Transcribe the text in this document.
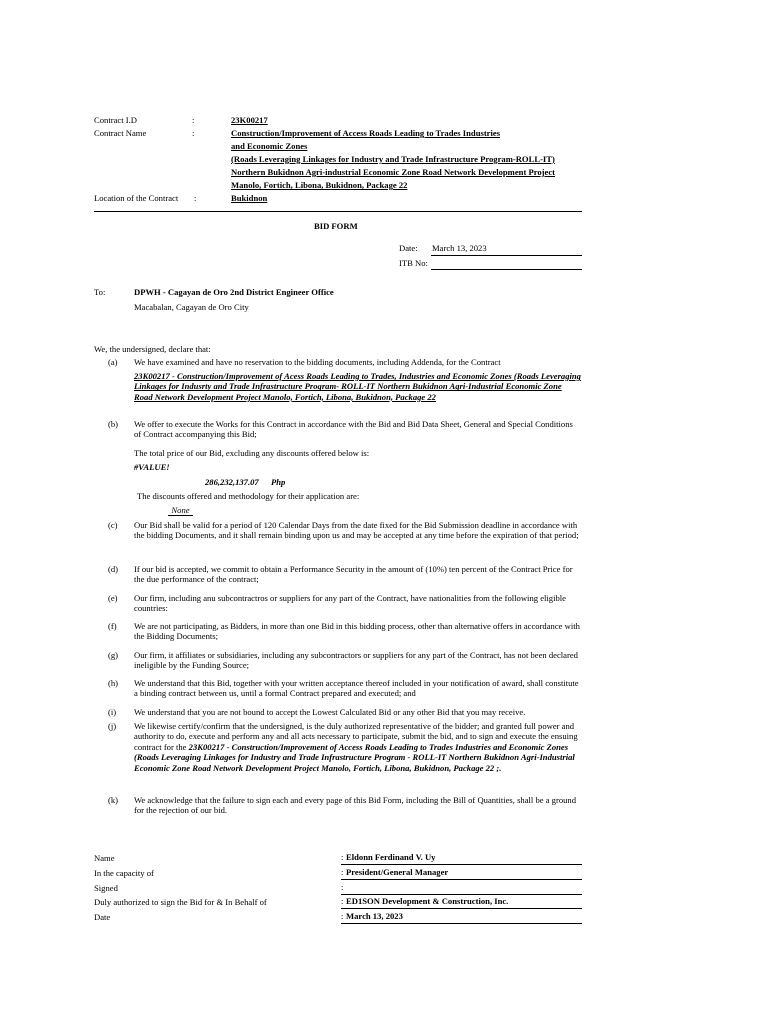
Contract I.D	:	23K00217
Contract Name	:	Construction/Improvement of Access Roads Leading to Trades Industries
and Economic Zones
(Roads Leveraging Linkages for Industry and Trade Infrastructure Program-ROLL-IT)
Northern Bukidnon Agri-industrial Economic Zone Road Network Development Project
Manolo, Fortich, Libona, Bukidnon, Package 22
Location of the Contract :	Bukidnon
BID FORM
Date: March 13, 2023
ITB No:
To:	DPWH - Cagayan de Oro 2nd District Engineer Office
Macabalan, Cagayan de Oro City
We, the undersigned, declare that:
(a) We have examined and have no reservation to the bidding documents, including Addenda, for the Contract
23K00217 - Construction/Improvement of Acess Roads Leading to Trades, Industries and Economic Zones (Roads Leveraging Linkages for Indusrty and Trade Infrastructure Program- ROLL-IT Northern Bukidnon Agri-Industrial Economic Zone Road Network Development Project Manolo, Fortich, Libona, Bukidnon, Package 22
(b) We offer to execute the Works for this Contract in accordance with the Bid and Bid Data Sheet, General and Special Conditions of Contract accompanying this Bid;
The total price of our Bid, excluding any discounts offered below is:
#VALUE!
286,232,137.07 Php
The discounts offered and methodology for their application are:
None
(c) Our Bid shall be valid for a period of 120 Calendar Days from the date fixed for the Bid Submission deadline in accordance with the bidding Documents, and it shall remain binding upon us and may be accepted at any time before the expiration of that period;
(d) If our bid is accepted, we commit to obtain a Performance Security in the amount of (10%) ten percent of the Contract Price for the due performance of the contract;
(e) Our firm, including anu subcontractros or suppliers for any part of the Contract, have nationalities from the following eligible countries:
(f) We are not participating, as Bidders, in more than one Bid in this bidding process, other than alternative offers in accordance with the Bidding Documents;
(g) Our firm, it affiliates or subsidiaries, including any subcontractors or suppliers for any part of the Contract, has not been declared ineligible by the Funding Source;
(h) We understand that this Bid, together with your written acceptance thereof included in your notification of award, shall constitute a binding contract between us, until a formal Contract prepared and executed; and
(i) We understand that you are not bound to accept the Lowest Calculated Bid or any other Bid that you may receive.
(j) We likewise certify/confirm that the undersigned, is the duly authorized representative of the bidder; and granted full power and authority to do, execute and perform any and all acts necessary to participate, submit the bid, and to sign and execute the ensuing contract for the 23K00217 - Construction/Improvement of Access Roads Leading to Trades Industries and Economic Zones (Roads Leveraging Linkages for Industry and Trade Infrastructure Program - ROLL-IT Northern Bukidnon Agri-Industrial Economic Zone Road Network Development Project Manolo, Fortich, Libona, Bukidnon, Package 22 ;.
(k) We acknowledge that the failure to sign each and every page of this Bid Form, including the Bill of Quantities, shall be a ground for the rejection of our bid.
Name	: Eldonn Ferdinand V. Uy
In the capacity of	: President/General Manager
Signed	:
Duly authorized to sign the Bid for & In Behalf of	: ED1SON Development & Construction, Inc.
Date	: March 13, 2023
